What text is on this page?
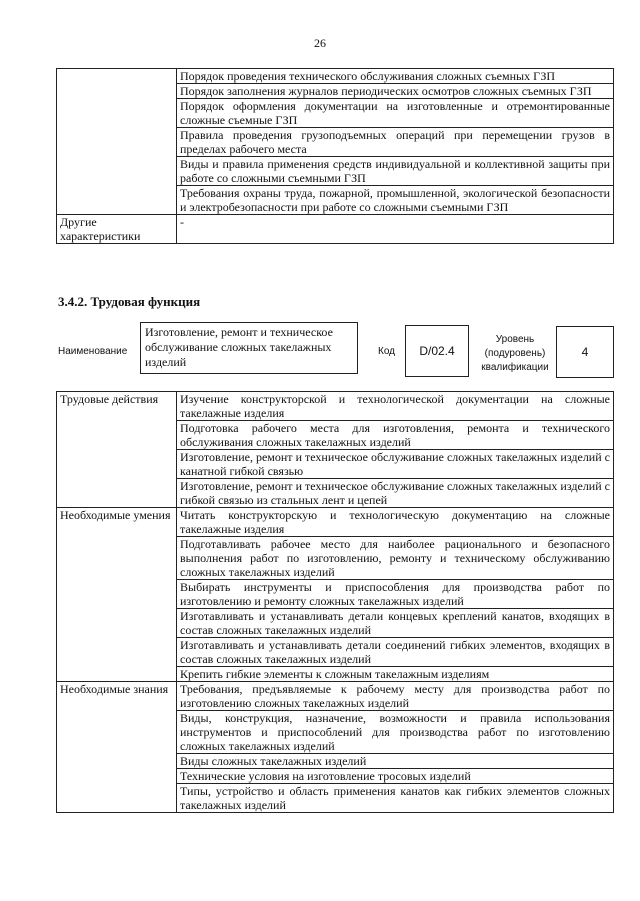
26
	Порядок проведения технического обслуживания сложных съемных ГЗП
	Порядок заполнения журналов периодических осмотров сложных съемных ГЗП
	Порядок оформления документации на изготовленные и отремонтированные сложные съемные ГЗП
	Правила проведения грузоподъемных операций при перемещении грузов в пределах рабочего места
	Виды и правила применения средств индивидуальной и коллективной защиты при работе со сложными съемными ГЗП
	Требования охраны труда, пожарной, промышленной, экологической безопасности и электробезопасности при работе со сложными съемными ГЗП
Другие характеристики	-
3.4.2. Трудовая функция
Наименование
Изготовление, ремонт и техническое обслуживание сложных такелажных изделий
Код	D/02.4
Уровень (подуровень) квалификации
4
Трудовые действия	Изучение конструкторской и технологической документации на сложные такелажные изделия
	Подготовка рабочего места для изготовления, ремонта и технического обслуживания сложных такелажных изделий
	Изготовление, ремонт и техническое обслуживание сложных такелажных изделий с канатной гибкой связью
	Изготовление, ремонт и техническое обслуживание сложных такелажных изделий с гибкой связью из стальных лент и цепей
Необходимые умения	Читать конструкторскую и технологическую документацию на сложные такелажные изделия
	Подготавливать рабочее место для наиболее рационального и безопасного выполнения работ по изготовлению, ремонту и техническому обслуживанию сложных такелажных изделий
	Выбирать инструменты и приспособления для производства работ по изготовлению и ремонту сложных такелажных изделий
	Изготавливать и устанавливать детали концевых креплений канатов, входящих в состав сложных такелажных изделий
	Изготавливать и устанавливать детали соединений гибких элементов, входящих в состав сложных такелажных изделий
	Крепить гибкие элементы к сложным такелажным изделиям
Необходимые знания	Требования, предъявляемые к рабочему месту для производства работ по изготовлению сложных такелажных изделий
	Виды, конструкция, назначение, возможности и правила использования инструментов и приспособлений для производства работ по изготовлению сложных такелажных изделий
	Виды сложных такелажных изделий
	Технические условия на изготовление тросовых изделий
	Типы, устройство и область применения канатов как гибких элементов сложных такелажных изделий
